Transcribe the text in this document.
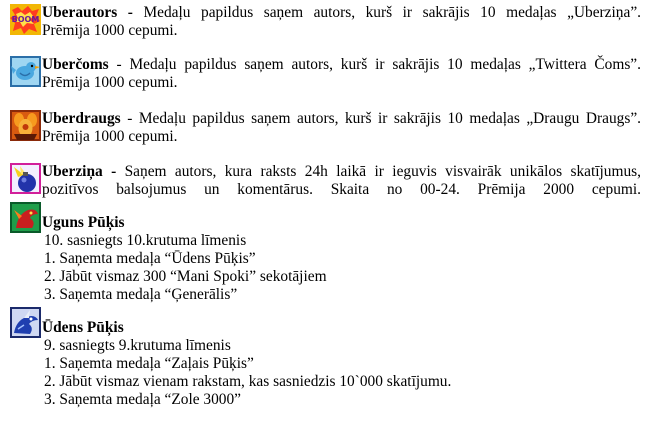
BOOM Uberautors - Medaļu papildus saņem autors, kurš ir sakrājis 10 medaļas „Uberziņa”.
Prēmija 1000 cepumi.
Uberčoms - Medaļu papildus saņem autors, kurš ir sakrājis 10 medaļas „Twittera Čoms”.
Prēmija 1000 cepumi.
Uberdraugs - Medaļu papildus saņem autors, kurš ir sakrājis 10 medaļas „Draugu Draugs”.
Prēmija 1000 cepumi.
Uberziņa - Saņem autors, kura raksts 24h laikā ir ieguvis visvairāk unikālos skatījumus,
pozitīvos balsojumus un komentārus. Skaita no 00-24. Prēmija 2000 cepumi.
Uguns Pūķis
10. sasniegts 10.krutuma līmenis
1. Saņemta medaļa “Ūdens Pūķis”
2. Jābūt vismaz 300 “Mani Spoki” sekotājiem
3. Saņemta medaļa “Ģenerālis”
Ūdens Pūķis
9. sasniegts 9.krutuma līmenis
1. Saņemta medaļa “Zaļais Pūķis”
2. Jābūt vismaz vienam rakstam, kas sasniedzis 10`000 skatījumu.
3. Saņemta medaļa “Zole 3000”
